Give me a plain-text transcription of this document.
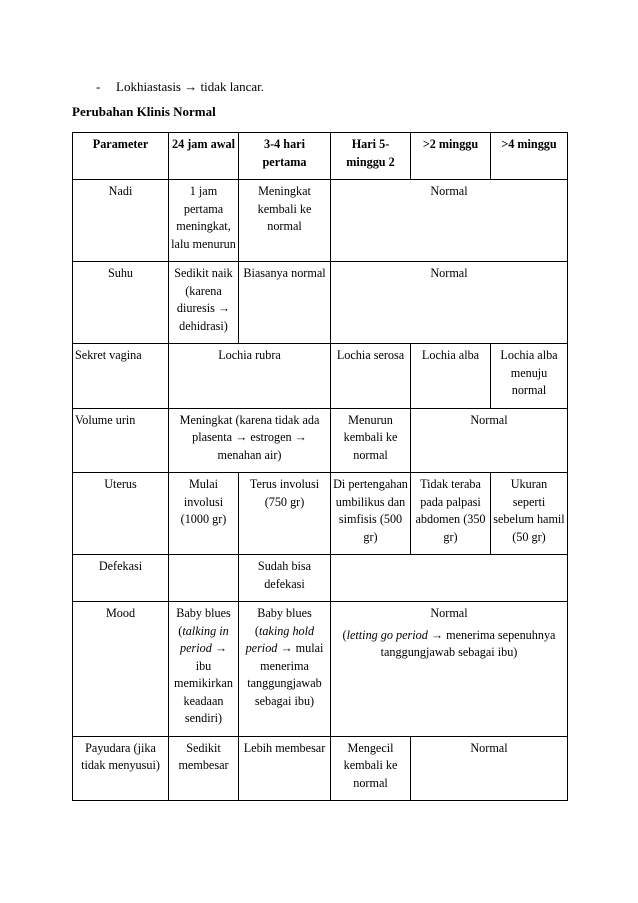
- Lokhiastasis → tidak lancar.
Perubahan Klinis Normal
Parameter	24 jam awal	3-4 hari pertama	Hari 5-minggu 2	>2 minggu	>4 minggu
Nadi	1 jam pertama meningkat, lalu menurun	Meningkat kembali ke normal	Normal		
Suhu	Sedikit naik (karena diuresis → dehidrasi)	Biasanya normal	Normal		
Sekret vagina	Lochia rubra		Lochia serosa	Lochia alba	Lochia alba menuju normal
Volume urin	Meningkat (karena tidak ada plasenta → estrogen → menahan air)		Menurun kembali ke normal	Normal	
Uterus	Mulai involusi (1000 gr)	Terus involusi (750 gr)	Di pertengahan umbilikus dan simfisis (500 gr)	Tidak teraba pada palpasi abdomen (350 gr)	Ukuran seperti sebelum hamil (50 gr)
Defekasi		Sudah bisa defekasi			
Mood	Baby blues (talking in period → ibu memikirkan keadaan sendiri)	Baby blues (taking hold period → mulai menerima tanggungjawab sebagai ibu)	Normal
(letting go period → menerima sepenuhnya tanggungjawab sebagai ibu)		

Payudara (jika tidak menyusui)	Sedikit membesar	Lebih membesar	Mengecil kembali ke normal	Normal	
